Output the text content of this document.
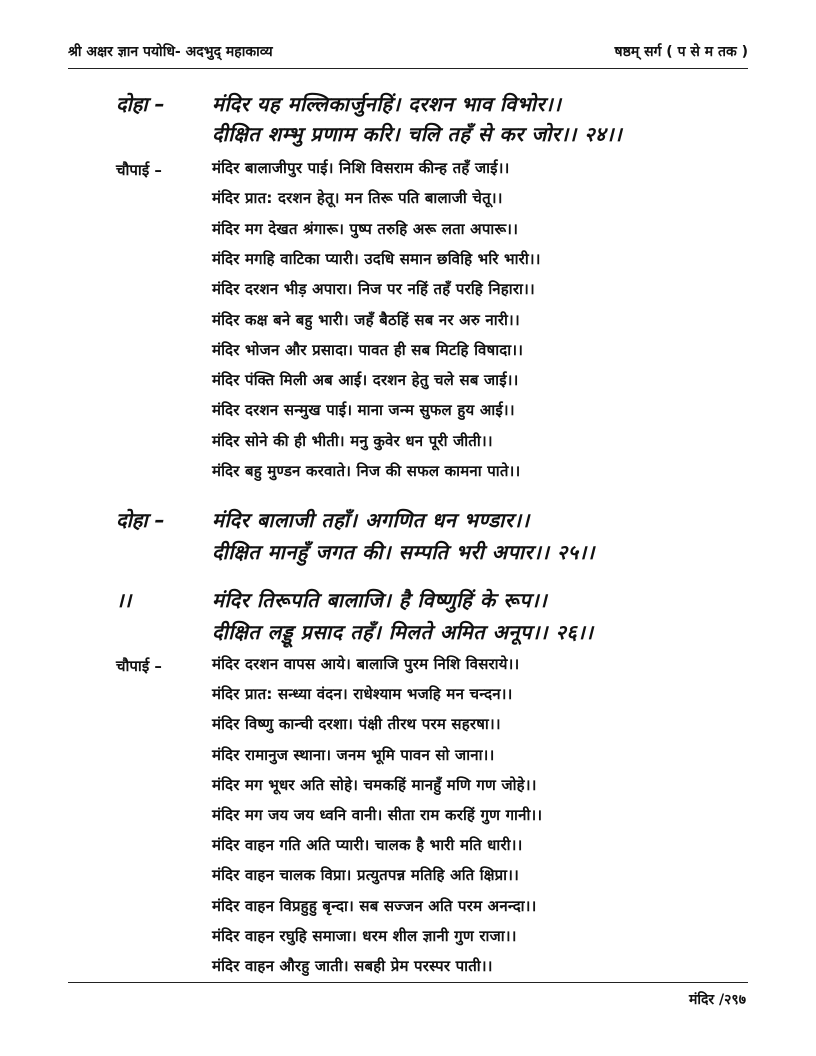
श्री अक्षर ज्ञान पयोधि- अदभुद् महाकाव्य	षष्ठम् सर्ग ( प से म तक )
दोहा – मंदिर यह मल्लिकार्जुनहिं। दरशन भाव विभोर।।
दीक्षित शम्भु प्रणाम करि। चलि तहँ से कर जोर।। २४।।
चौपाई –	मंदिर बालाजीपुर पाई। निशि विसराम कीन्ह तहँ जाई।।
मंदिर प्रात: दरशन हेतू। मन तिरू पति बालाजी चेतू।।
मंदिर मग देखत श्रंगारू। पुष्प तरुहि अरू लता अपारू।।
मंदिर मगहि वाटिका प्यारी। उदधि समान छविहि भरि भारी।।
मंदिर दरशन भीड़ अपारा। निज पर नहिं तहँ परहि निहारा।।
मंदिर कक्ष बने बहु भारी। जहँ बैठहिं सब नर अरु नारी।।
मंदिर भोजन और प्रसादा। पावत ही सब मिटहि विषादा।।
मंदिर पंक्ति मिली अब आई। दरशन हेतु चले सब जाई।।
मंदिर दरशन सन्मुख पाई। माना जन्म सुफल हुय आई।।
मंदिर सोने की ही भीती। मनु कुवेर धन पूरी जीती।।
मंदिर बहु मुण्डन करवाते। निज की सफल कामना पाते।।
दोहा – मंदिर बालाजी तहाँ। अगणित धन भण्डार।।
दीक्षित मानहुँ जगत की। सम्पति भरी अपार।। २५।।
।।	मंदिर तिरूपति बालाजि। है विष्णुहिं के रूप।।
दीक्षित लड्डू प्रसाद तहँ। मिलते अमित अनूप।। २६।।
चौपाई –	मंदिर दरशन वापस आये। बालाजि पुरम निशि विसराये।।
मंदिर प्रात: सन्ध्या वंदन। राधेश्याम भजहि मन चन्दन।।
मंदिर विष्णु कान्ची दरशा। पंक्षी तीरथ परम सहरषा।।
मंदिर रामानुज स्थाना। जनम भूमि पावन सो जाना।।
मंदिर मग भूधर अति सोहे। चमकहिं मानहुँ मणि गण जोहे।।
मंदिर मग जय जय ध्वनि वानी। सीता राम करहिं गुण गानी।।
मंदिर वाहन गति अति प्यारी। चालक है भारी मति धारी।।
मंदिर वाहन चालक विप्रा। प्रत्युतपन्न मतिहि अति क्षिप्रा।।
मंदिर वाहन विप्रहुहु बृन्दा। सब सज्जन अति परम अनन्दा।।
मंदिर वाहन रघुहि समाजा। धरम शील ज्ञानी गुण राजा।।
मंदिर वाहन औरहु जाती। सबही प्रेम परस्पर पाती।।
मंदिर /२९७
